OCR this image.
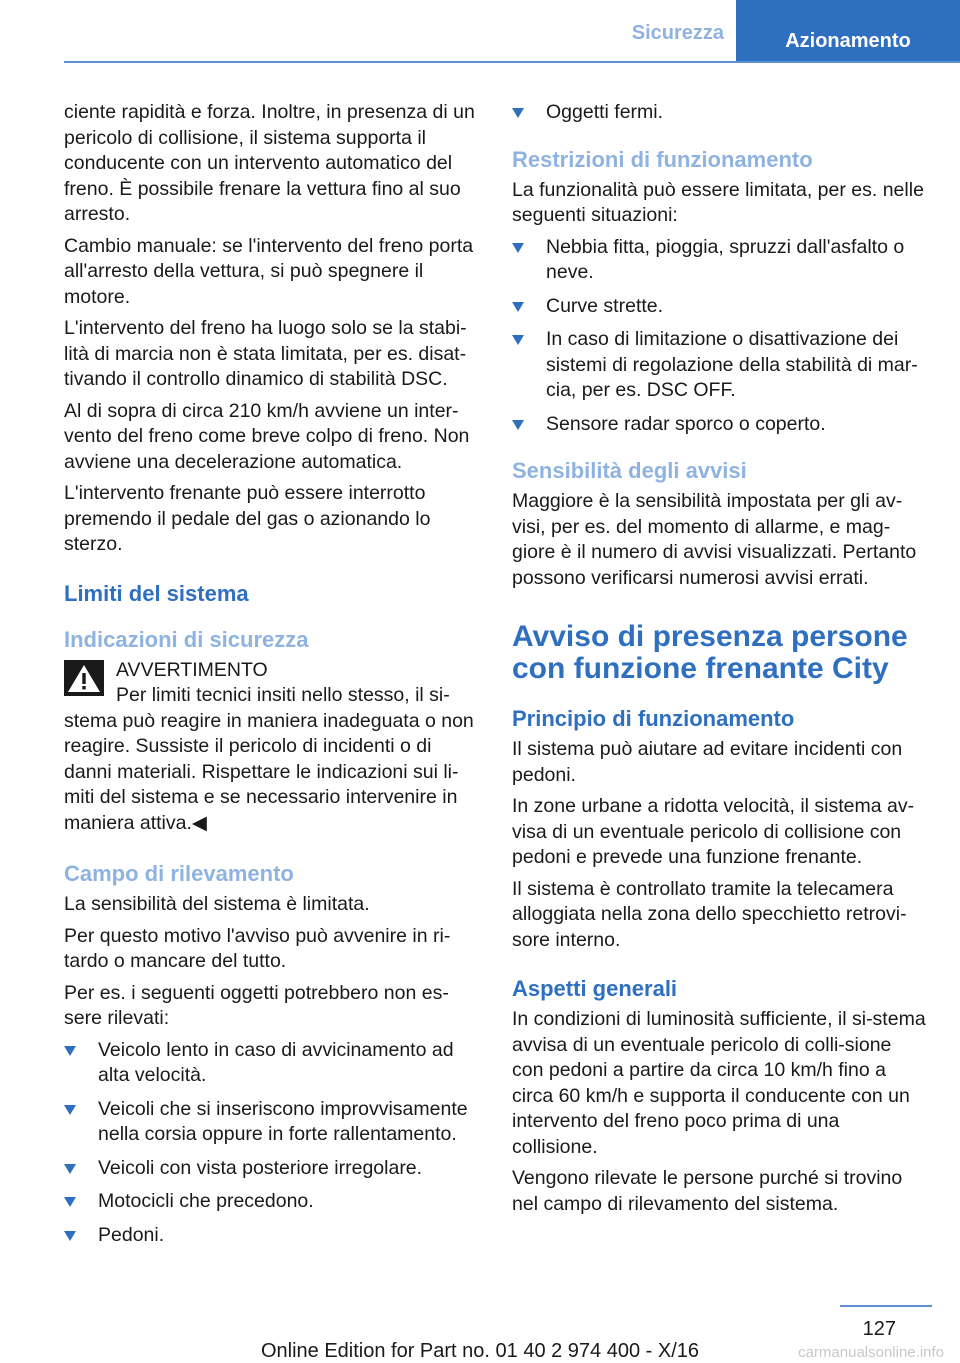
Sicurezza	Azionamento

ciente rapidità e forza. Inoltre, in presenza di un pericolo di collisione, il sistema supporta il conducente con un intervento automatico del freno. È possibile frenare la vettura fino al suo arresto.

Cambio manuale: se l'intervento del freno porta all'arresto della vettura, si può spegnere il motore.

L'intervento del freno ha luogo solo se la stabi‐lità di marcia non è stata limitata, per es. disat‐tivando il controllo dinamico di stabilità DSC.

Al di sopra di circa 210 km/h avviene un inter‐vento del freno come breve colpo di freno. Non avviene una decelerazione automatica.

L'intervento frenante può essere interrotto premendo il pedale del gas o azionando lo sterzo.

Limiti del sistema
Indicazioni di sicurezza
AVVERTIMENTO
Per limiti tecnici insiti nello stesso, il si‐stema può reagire in maniera inadeguata o non reagire. Sussiste il pericolo di incidenti o di danni materiali. Rispettare le indicazioni sui li‐miti del sistema e se necessario intervenire in maniera attiva.◀
Campo di rilevamento

La sensibilità del sistema è limitata.

Per questo motivo l'avviso può avvenire in ri‐tardo o mancare del tutto.

Per es. i seguenti oggetti potrebbero non es‐sere rilevati:

Veicolo lento in caso di avvicinamento ad alta velocità.
Veicoli che si inseriscono improvvisamente nella corsia oppure in forte rallentamento.
Veicoli con vista posteriore irregolare.
Motocicli che precedono.
Pedoni.
Oggetti fermi.
Restrizioni di funzionamento

La funzionalità può essere limitata, per es. nelle seguenti situazioni:

Nebbia fitta, pioggia, spruzzi dall'asfalto o neve.
Curve strette.
In caso di limitazione o disattivazione dei sistemi di regolazione della stabilità di mar‐cia, per es. DSC OFF.
Sensore radar sporco o coperto.
Sensibilità degli avvisi

Maggiore è la sensibilità impostata per gli av‐visi, per es. del momento di allarme, e mag‐giore è il numero di avvisi visualizzati. Pertanto possono verificarsi numerosi avvisi errati.

Avviso di presenza persone con funzione frenante City
Principio di funzionamento

Il sistema può aiutare ad evitare incidenti con pedoni.

In zone urbane a ridotta velocità, il sistema av‐visa di un eventuale pericolo di collisione con pedoni e prevede una funzione frenante.

Il sistema è controllato tramite la telecamera alloggiata nella zona dello specchietto retrovi‐sore interno.

Aspetti generali

In condizioni di luminosità sufficiente, il si‐stema avvisa di un eventuale pericolo di colli‐sione con pedoni a partire da circa 10 km/h fino a circa 60 km/h e supporta il conducente con un intervento del freno poco prima di una collisione.

Vengono rilevate le persone purché si trovino nel campo di rilevamento del sistema.

127
Online Edition for Part no. 01 40 2 974 400 - X/16	carmanualsonline.info
